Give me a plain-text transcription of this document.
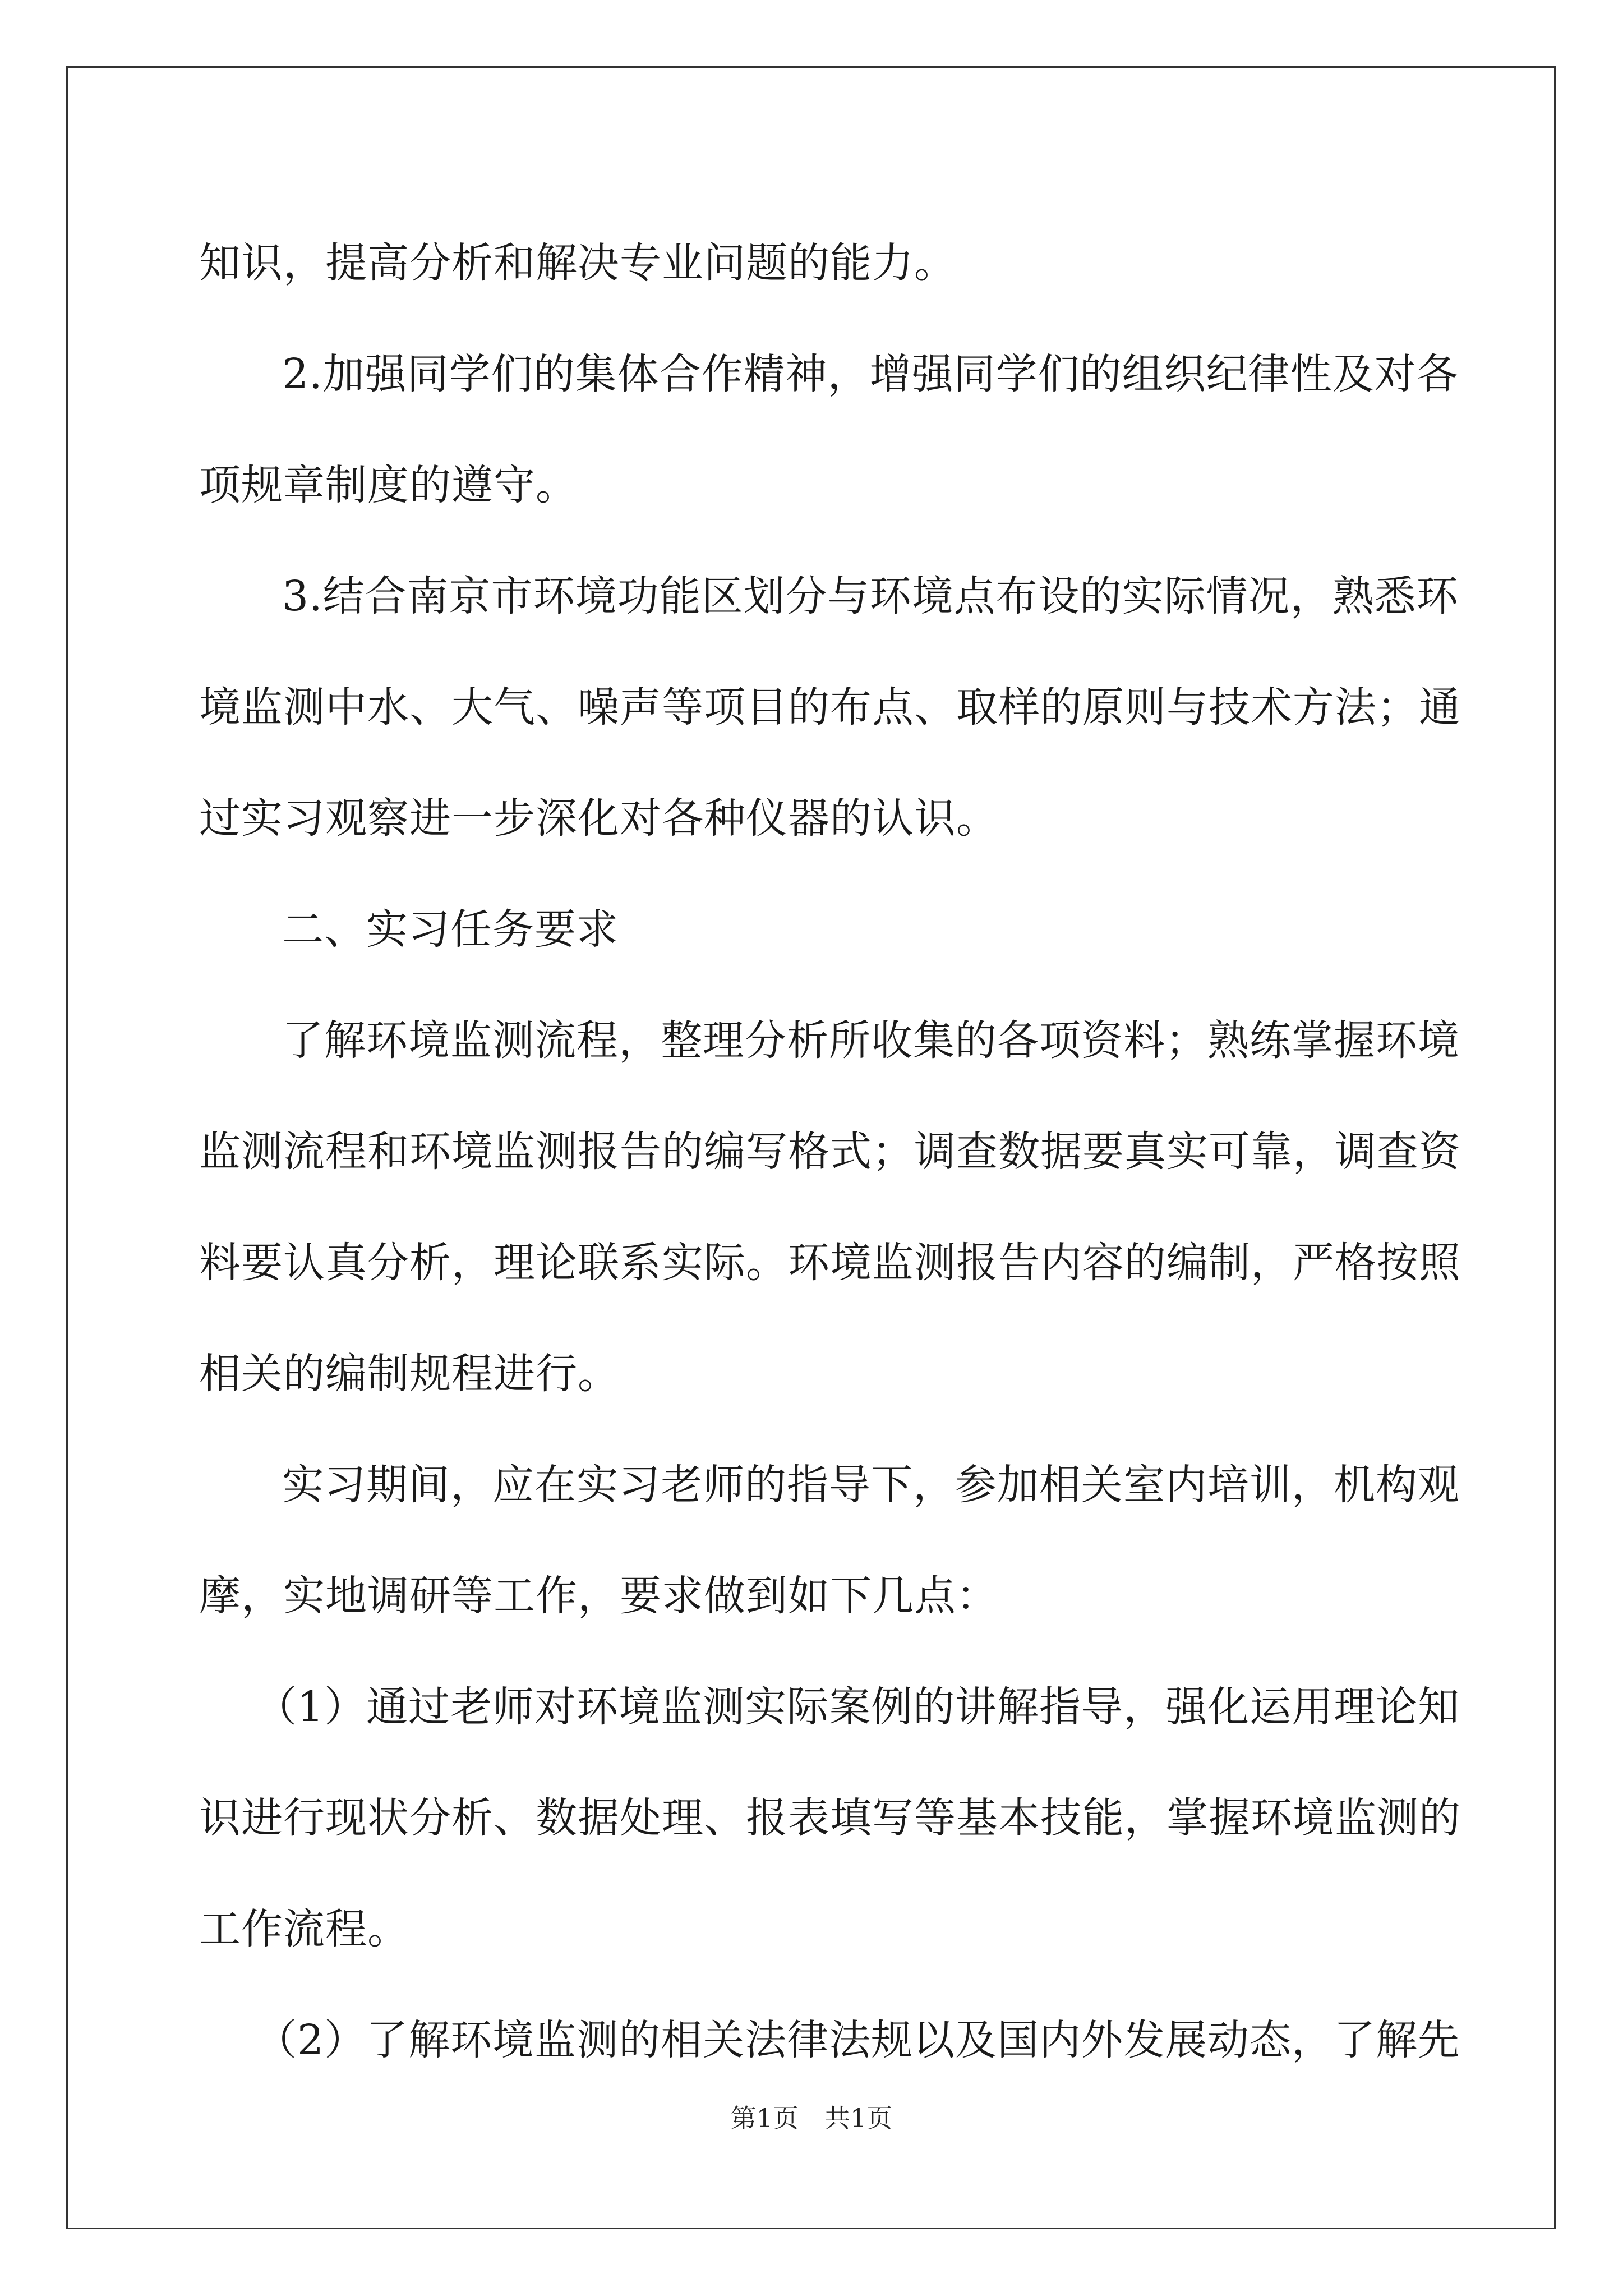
知识，提高分析和解决专业问题的能力。
2.加强同学们的集体合作精神，增强同学们的组织纪律性及对各
项规章制度的遵守。
3.结合南京市环境功能区划分与环境点布设的实际情况，熟悉环
境监测中水、大气、噪声等项目的布点、取样的原则与技术方法；通
过实习观察进一步深化对各种仪器的认识。
二、实习任务要求
了解环境监测流程，整理分析所收集的各项资料；熟练掌握环境
监测流程和环境监测报告的编写格式；调查数据要真实可靠，调查资
料要认真分析，理论联系实际。环境监测报告内容的编制，严格按照
相关的编制规程进行。
实习期间，应在实习老师的指导下，参加相关室内培训，机构观
摩，实地调研等工作，要求做到如下几点：
（1）通过老师对环境监测实际案例的讲解指导，强化运用理论知
识进行现状分析、数据处理、报表填写等基本技能，掌握环境监测的
工作流程。
（2）了解环境监测的相关法律法规以及国内外发展动态，了解先
第1页　共1页
